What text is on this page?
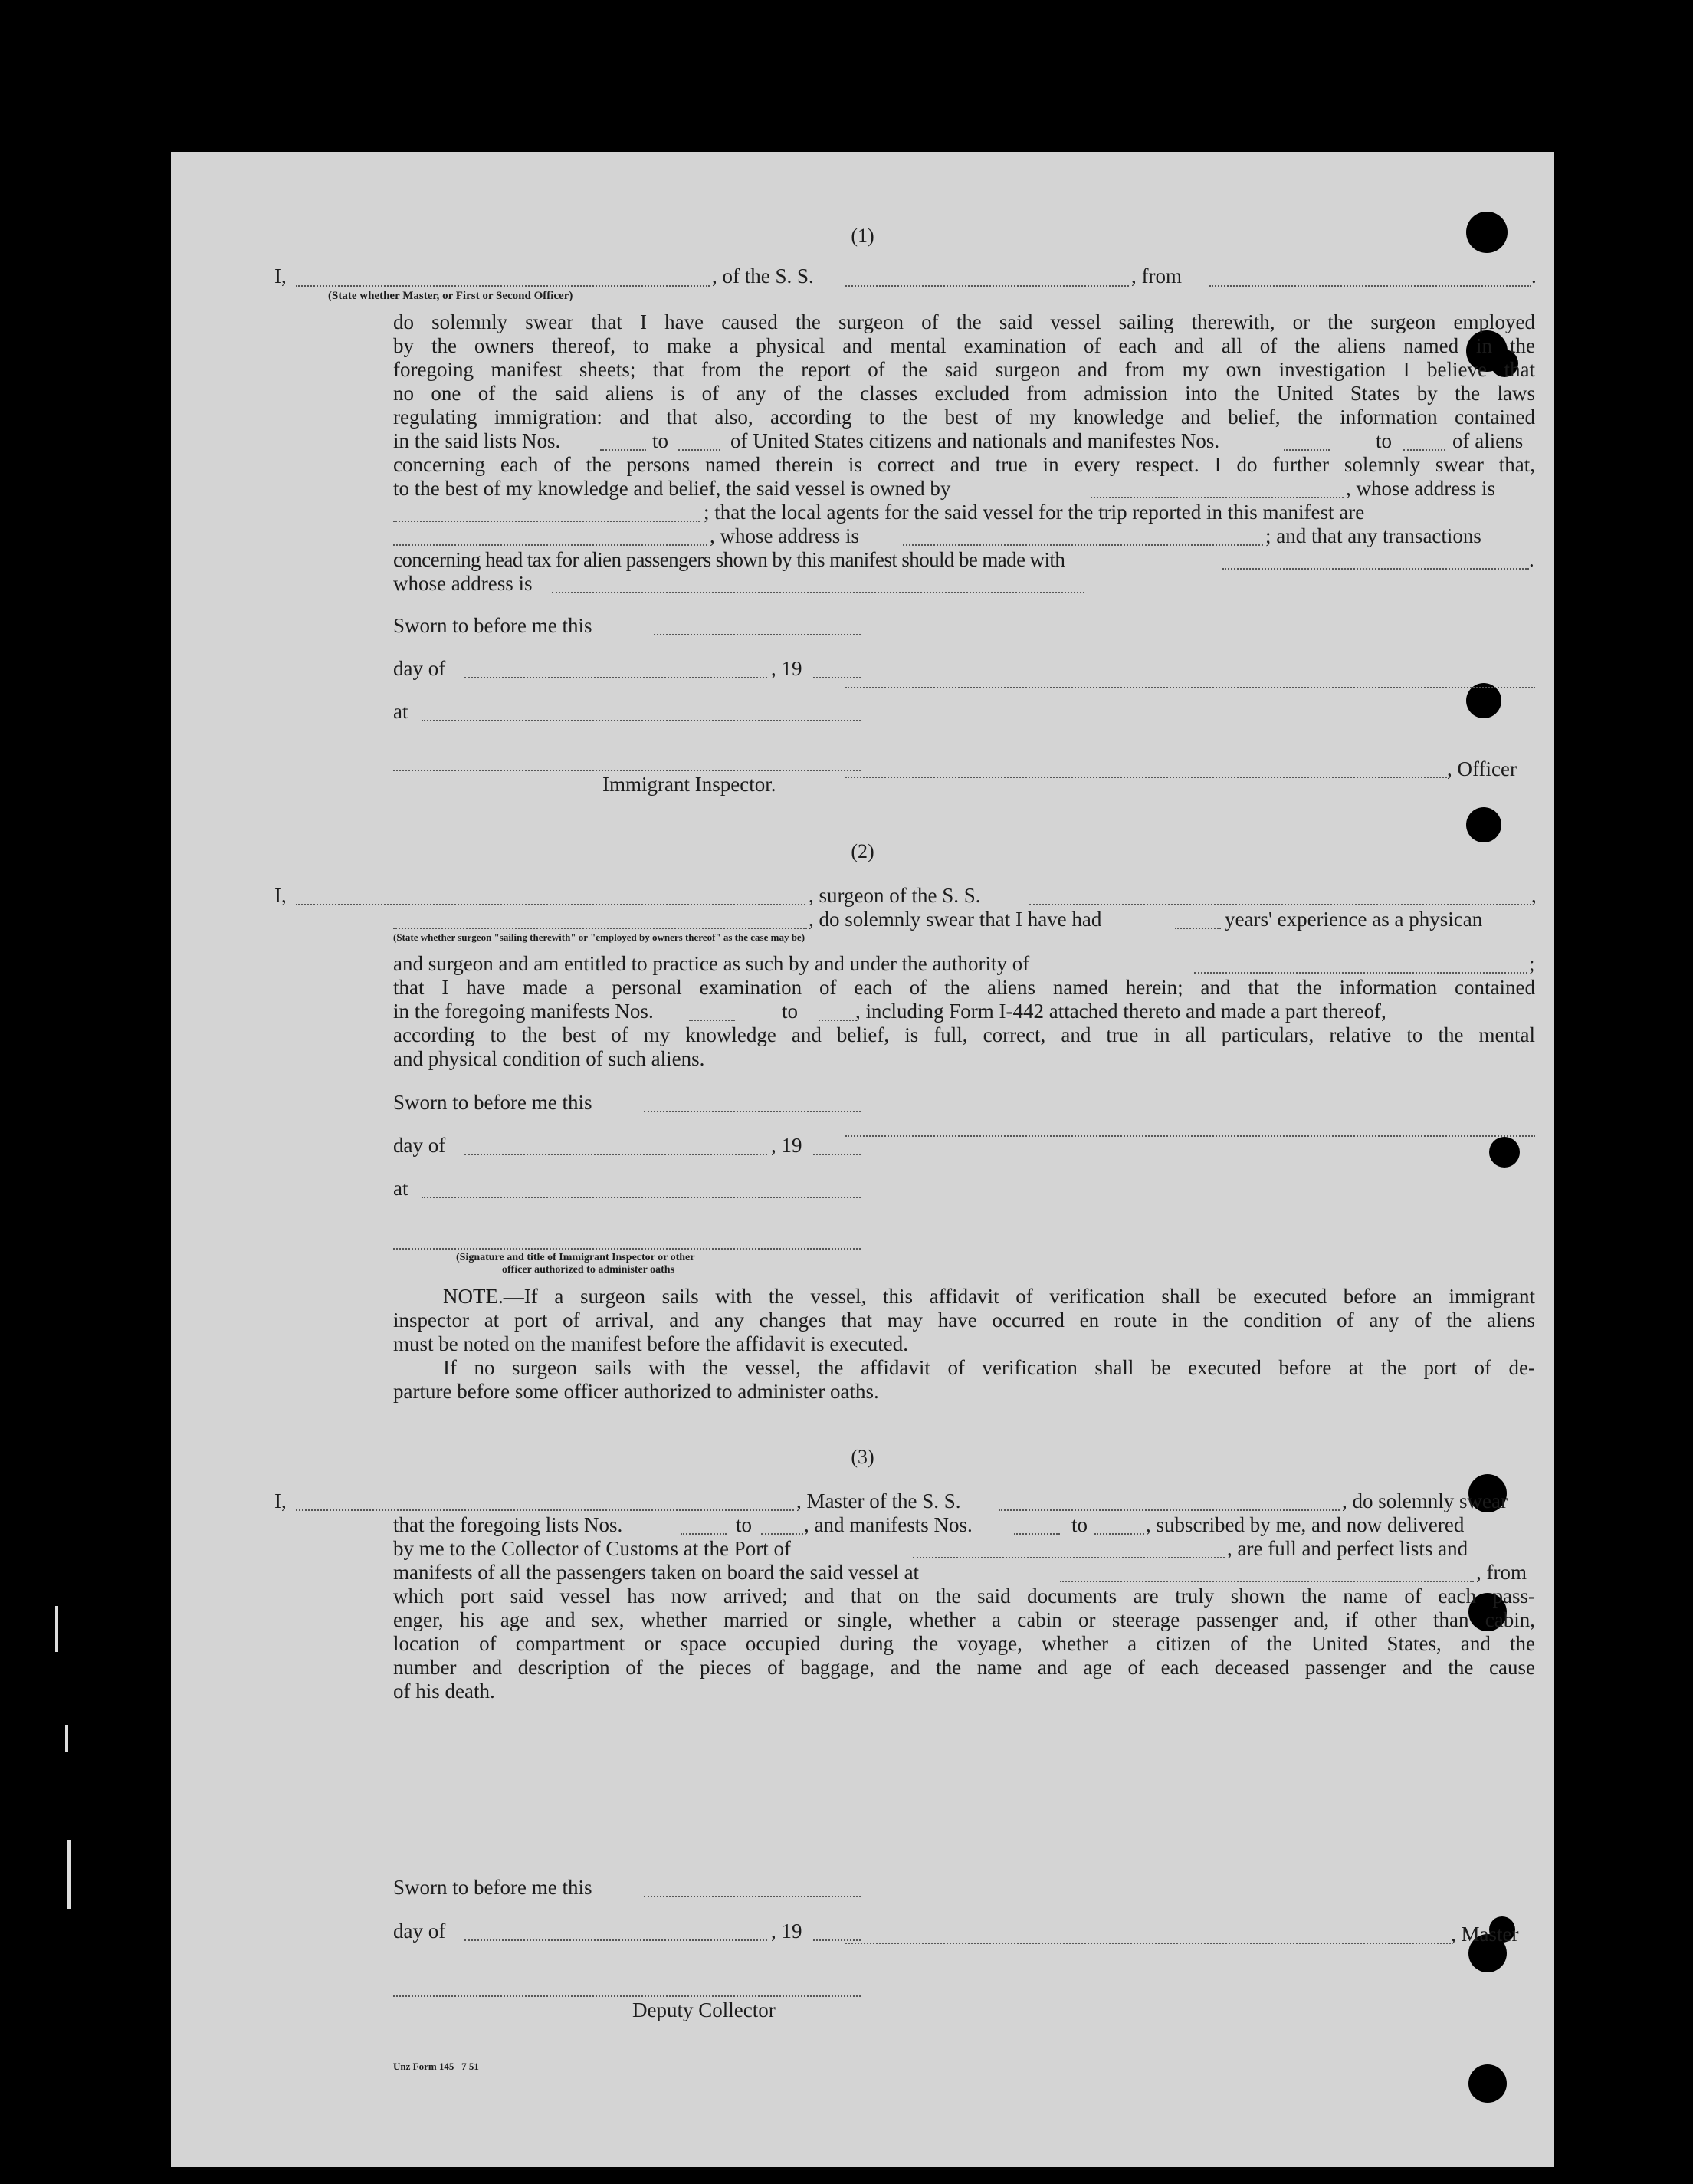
(1)
I,	, of the S. S.	, from	.
(State whether Master, or First or Second Officer)
do solemnly swear that I have caused the surgeon of the said vessel sailing therewith, or the surgeon employed
by the owners thereof, to make a physical and mental examination of each and all of the aliens named in the
foregoing manifest sheets; that from the report of the said surgeon and from my own investigation I believe that
no one of the said aliens is of any of the classes excluded from admission into the United States by the laws
regulating immigration: and that also, according to the best of my knowledge and belief, the information contained
in the said lists Nos.	to	of United States citizens and nationals and manifestes Nos.	to	of aliens
concerning each of the persons named therein is correct and true in every respect. I do further solemnly swear that,
to the best of my knowledge and belief, the said vessel is owned by	, whose address is
; that the local agents for the said vessel for the trip reported in this manifest are
, whose address is	; and that any transactions
concerning head tax for alien passengers shown by this manifest should be made with	.
whose address is
Sworn to before me this
day of	, 19
at
, Officer
Immigrant Inspector.
(2)
I,	, surgeon of the S. S.	,
, do solemnly swear that I have had	years' experience as a physican
(State whether surgeon "sailing therewith" or "employed by owners thereof" as the case may be)
and surgeon and am entitled to practice as such by and under the authority of	;
that I have made a personal examination of each of the aliens named herein; and that the information contained
in the foregoing manifests Nos.	to	, including Form I-442 attached thereto and made a part thereof,
according to the best of my knowledge and belief, is full, correct, and true in all particulars, relative to the mental
and physical condition of such aliens.
Sworn to before me this
day of	, 19
at
(Signature and title of Immigrant Inspector or other
officer authorized to administer oaths
NOTE.—If a surgeon sails with the vessel, this affidavit of verification shall be executed before an immigrant
inspector at port of arrival, and any changes that may have occurred en route in the condition of any of the aliens
must be noted on the manifest before the affidavit is executed.
If no surgeon sails with the vessel, the affidavit of verification shall be executed before at the port of de-
parture before some officer authorized to administer oaths.
(3)
I,	, Master of the S. S.	, do solemnly swear
that the foregoing lists Nos.	to	, and manifests Nos.	to	, subscribed by me, and now delivered
by me to the Collector of Customs at the Port of	, are full and perfect lists and
manifests of all the passengers taken on board the said vessel at	, from
which port said vessel has now arrived; and that on the said documents are truly shown the name of each pass-
enger, his age and sex, whether married or single, whether a cabin or steerage passenger and, if other than cabin,
location of compartment or space occupied during the voyage, whether a citizen of the United States, and the
number and description of the pieces of baggage, and the name and age of each deceased passenger and the cause
of his death.
Sworn to before me this
day of	, 19	, Master
Deputy Collector
Unz Form 145   7 51
